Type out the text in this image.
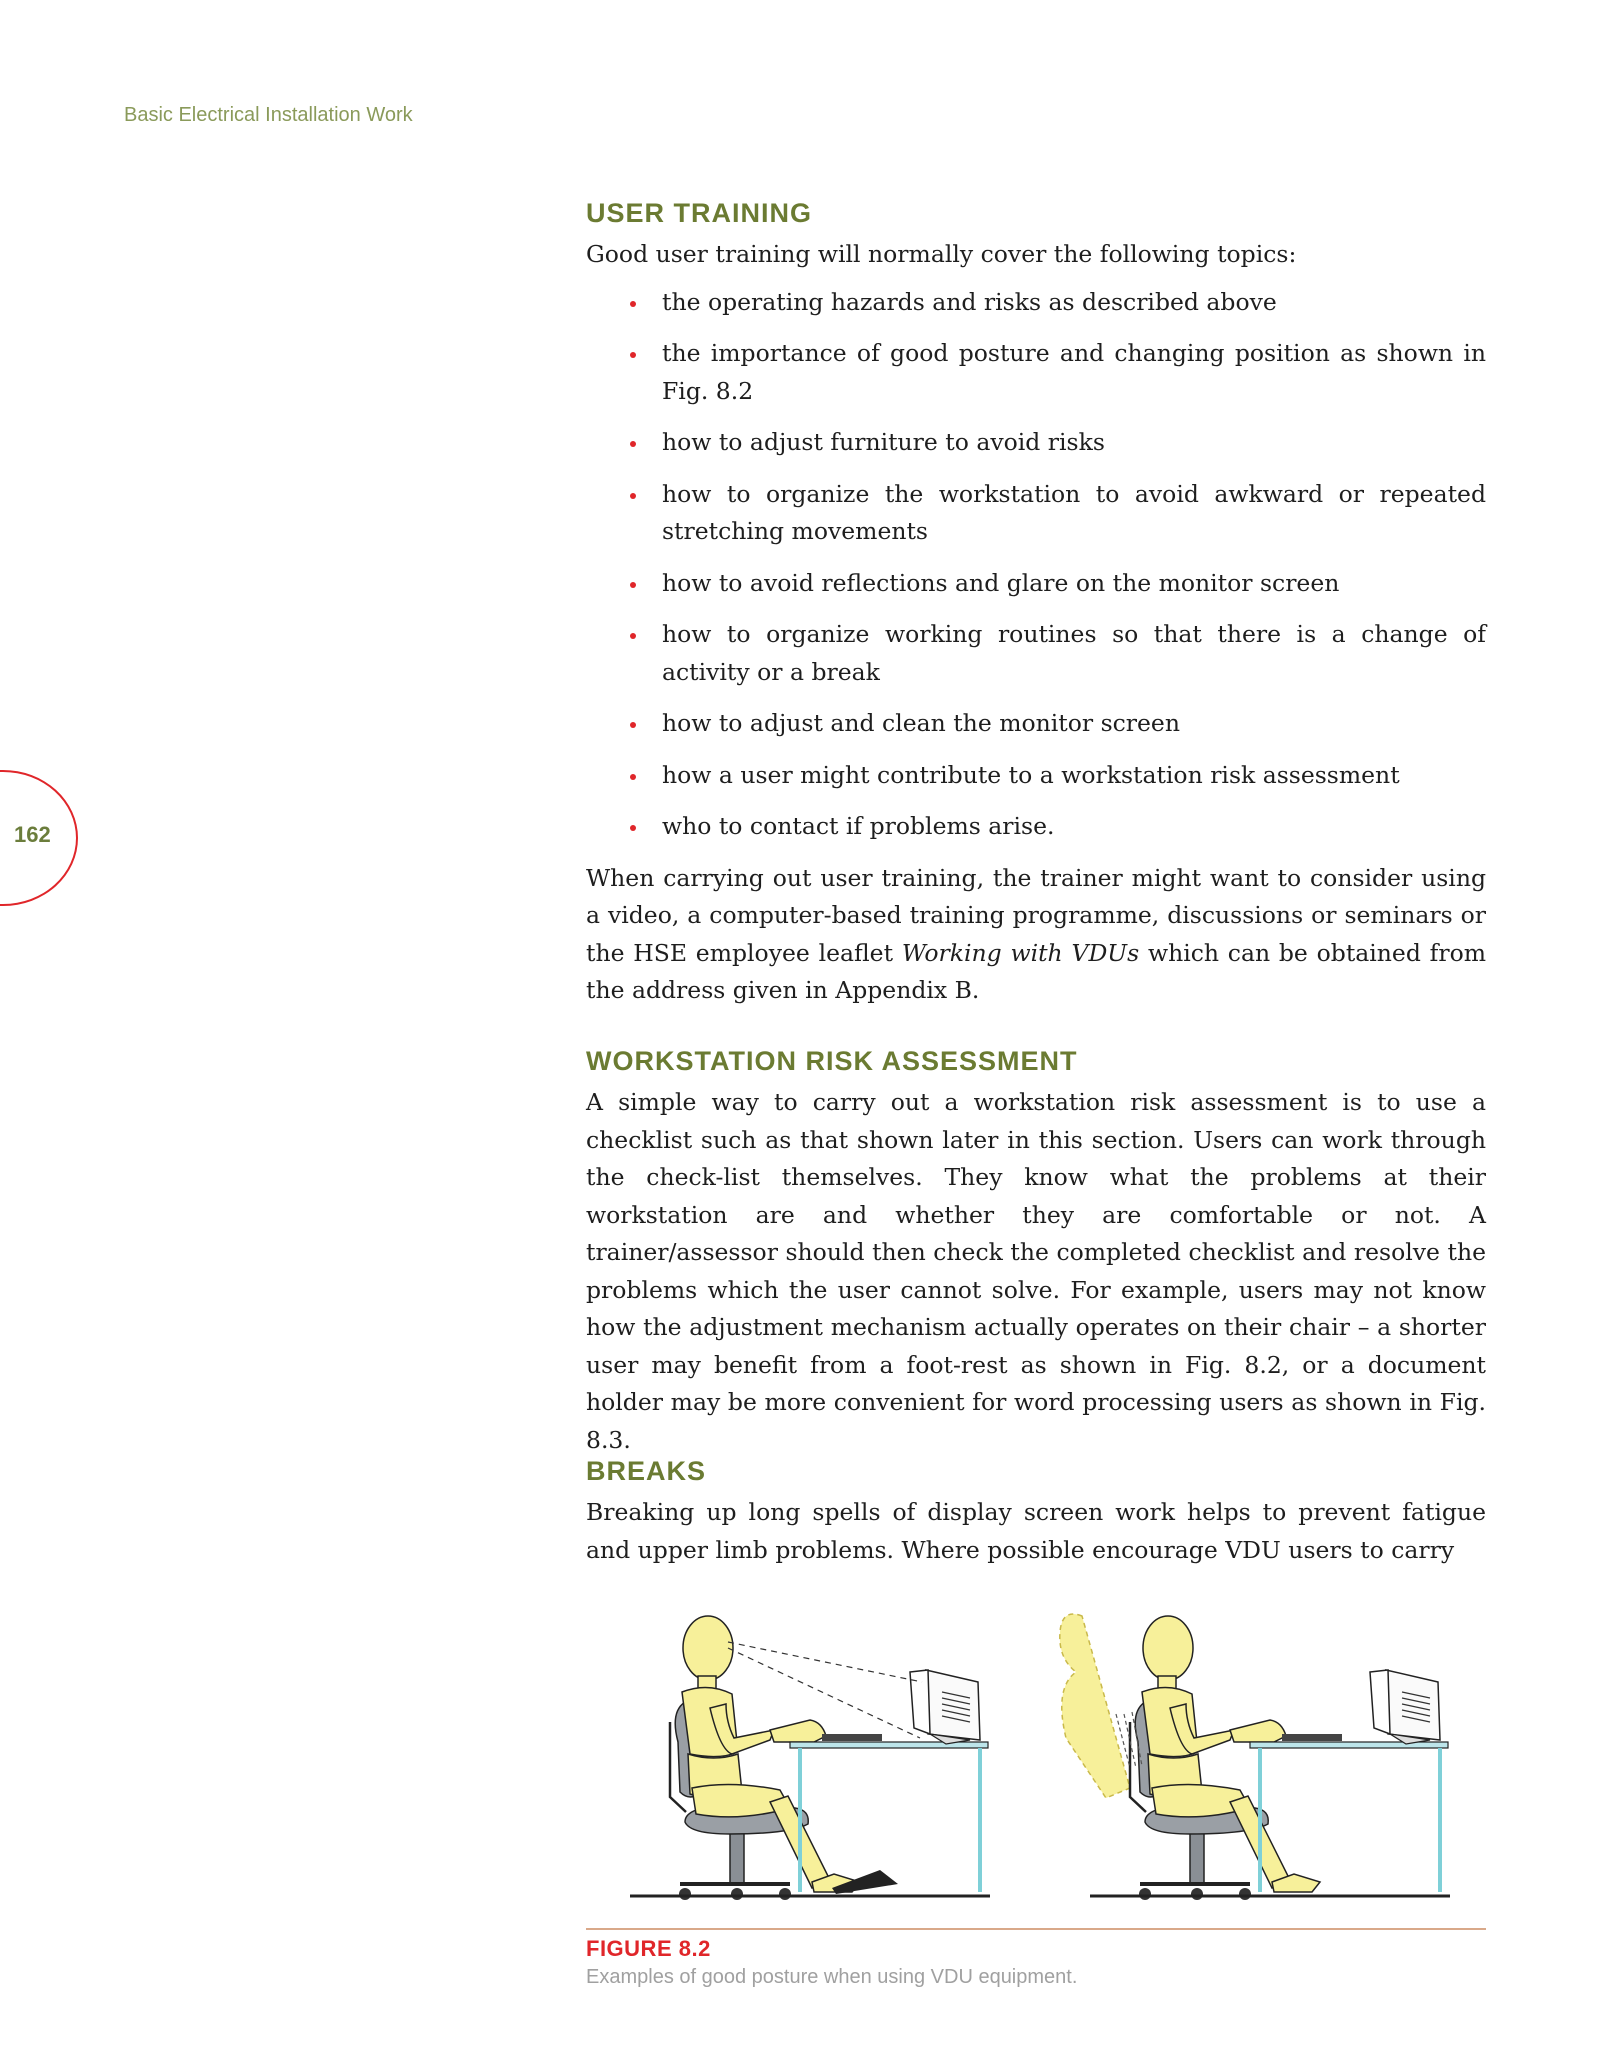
Basic Electrical Installation Work
162
USER TRAINING

Good user training will normally cover the following topics:

the operating hazards and risks as described above
the importance of good posture and changing position as shown in Fig. 8.2
how to adjust furniture to avoid risks
how to organize the workstation to avoid awkward or repeated stretching movements
how to avoid reflections and glare on the monitor screen
how to organize working routines so that there is a change of activity or a break
how to adjust and clean the monitor screen
how a user might contribute to a workstation risk assessment
who to contact if problems arise.

When carrying out user training, the trainer might want to consider using a video, a computer-based training programme, discussions or seminars or the HSE employee leaflet Working with VDUs which can be obtained from the address given in Appendix B.

WORKSTATION RISK ASSESSMENT

A simple way to carry out a workstation risk assessment is to use a checklist such as that shown later in this section. Users can work through the check-list themselves. They know what the problems at their workstation are and whether they are comfortable or not. A trainer/assessor should then check the completed checklist and resolve the problems which the user cannot solve. For example, users may not know how the adjustment mechanism actually operates on their chair – a shorter user may benefit from a foot-rest as shown in Fig. 8.2, or a document holder may be more convenient for word processing users as shown in Fig. 8.3.

BREAKS

Breaking up long spells of display screen work helps to prevent fatigue and upper limb problems. Where possible encourage VDU users to carry

FIGURE 8.2
Examples of good posture when using VDU equipment.
